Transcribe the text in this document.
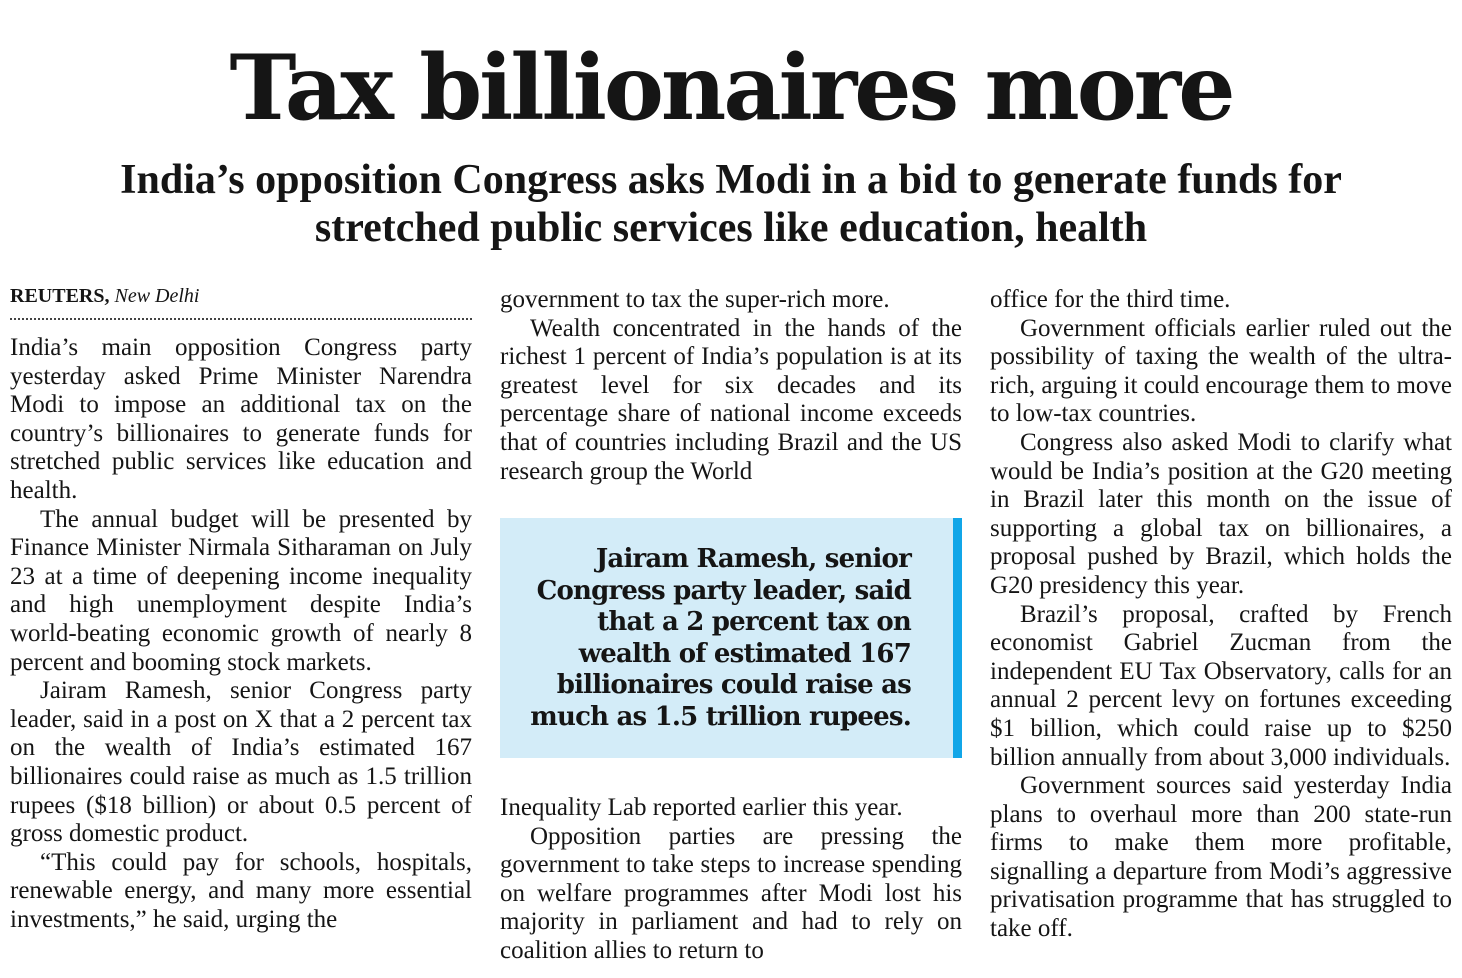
Tax billionaires more
India’s opposition Congress asks Modi in a bid to generate funds for stretched public services like education, health
REUTERS, New Delhi

India’s main opposition Congress party yesterday asked Prime Minister Narendra Modi to impose an additional tax on the country’s billionaires to generate funds for stretched public services like education and health.

The annual budget will be presented by Finance Minister Nirmala Sitharaman on July 23 at a time of deepening income inequality and high unemployment despite India’s world-beating economic growth of nearly 8 percent and booming stock markets.

Jairam Ramesh, senior Congress party leader, said in a post on X that a 2 percent tax on the wealth of India’s estimated 167 billionaires could raise as much as 1.5 trillion rupees ($18 billion) or about 0.5 percent of gross domestic product.

“This could pay for schools, hospitals, renewable energy, and many more essential investments,” he said, urging the

government to tax the super-rich more.

Wealth concentrated in the hands of the richest 1 percent of India’s population is at its greatest level for six decades and its percentage share of national income exceeds that of countries including Brazil and the US research group the World

Jairam Ramesh, senior Congress party leader, said that a 2 percent tax on wealth of estimated 167 billionaires could raise as much as 1.5 trillion rupees.

Inequality Lab reported earlier this year.

Opposition parties are pressing the government to take steps to increase spending on welfare programmes after Modi lost his majority in parliament and had to rely on coalition allies to return to

office for the third time.

Government officials earlier ruled out the possibility of taxing the wealth of the ultra-rich, arguing it could encourage them to move to low-tax countries.

Congress also asked Modi to clarify what would be India’s position at the G20 meeting in Brazil later this month on the issue of supporting a global tax on billionaires, a proposal pushed by Brazil, which holds the G20 presidency this year.

Brazil’s proposal, crafted by French economist Gabriel Zucman from the independent EU Tax Observatory, calls for an annual 2 percent levy on fortunes exceeding $1 billion, which could raise up to $250 billion annually from about 3,000 individuals.

Government sources said yesterday India plans to overhaul more than 200 state-run firms to make them more profitable, signalling a departure from Modi’s aggressive privatisation programme that has struggled to take off.
